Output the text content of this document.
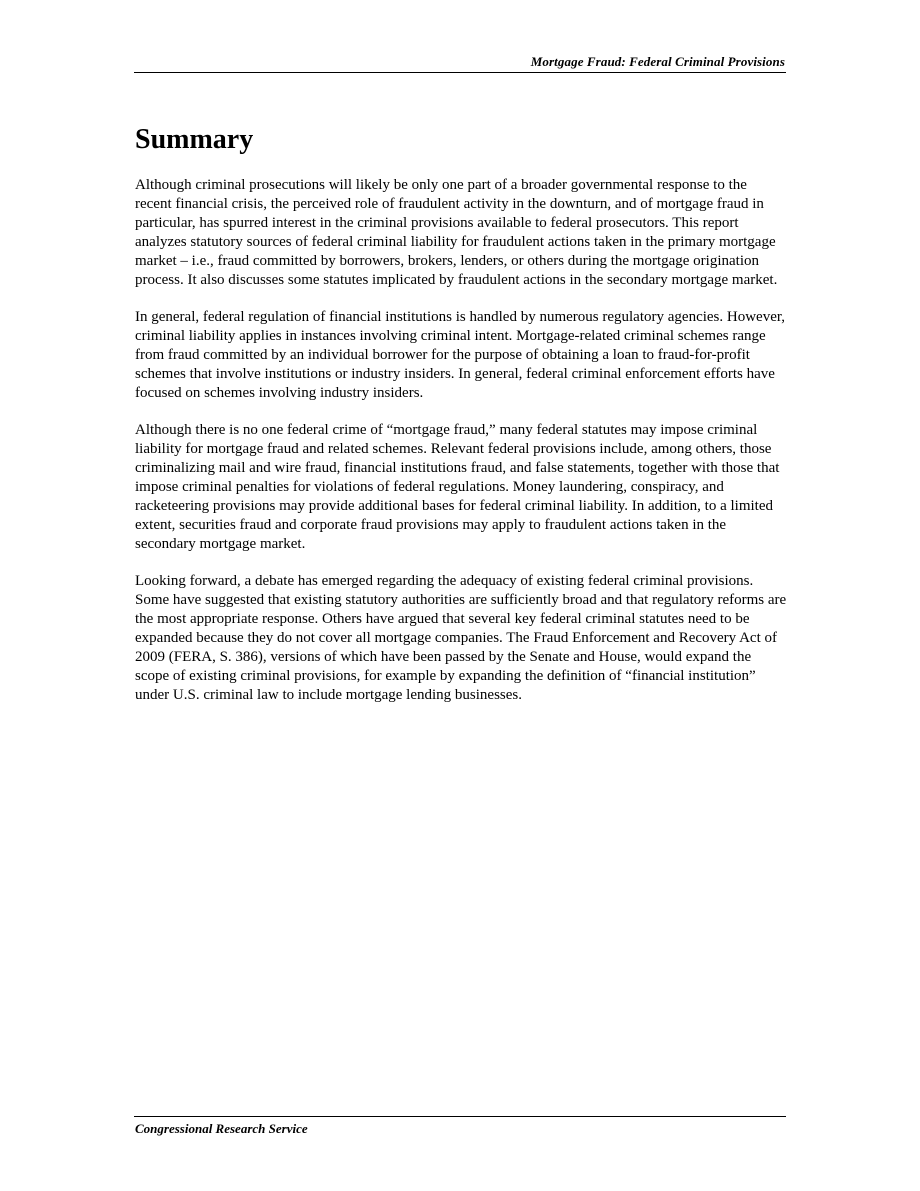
Mortgage Fraud: Federal Criminal Provisions
Summary

Although criminal prosecutions will likely be only one part of a broader governmental response to the recent financial crisis, the perceived role of fraudulent activity in the downturn, and of mortgage fraud in particular, has spurred interest in the criminal provisions available to federal prosecutors. This report analyzes statutory sources of federal criminal liability for fraudulent actions taken in the primary mortgage market – i.e., fraud committed by borrowers, brokers, lenders, or others during the mortgage origination process. It also discusses some statutes implicated by fraudulent actions in the secondary mortgage market.

In general, federal regulation of financial institutions is handled by numerous regulatory agencies. However, criminal liability applies in instances involving criminal intent. Mortgage-related criminal schemes range from fraud committed by an individual borrower for the purpose of obtaining a loan to fraud-for-profit schemes that involve institutions or industry insiders. In general, federal criminal enforcement efforts have focused on schemes involving industry insiders.

Although there is no one federal crime of “mortgage fraud,” many federal statutes may impose criminal liability for mortgage fraud and related schemes. Relevant federal provisions include, among others, those criminalizing mail and wire fraud, financial institutions fraud, and false statements, together with those that impose criminal penalties for violations of federal regulations. Money laundering, conspiracy, and racketeering provisions may provide additional bases for federal criminal liability. In addition, to a limited extent, securities fraud and corporate fraud provisions may apply to fraudulent actions taken in the secondary mortgage market.

Looking forward, a debate has emerged regarding the adequacy of existing federal criminal provisions. Some have suggested that existing statutory authorities are sufficiently broad and that regulatory reforms are the most appropriate response. Others have argued that several key federal criminal statutes need to be expanded because they do not cover all mortgage companies. The Fraud Enforcement and Recovery Act of 2009 (FERA, S. 386), versions of which have been passed by the Senate and House, would expand the scope of existing criminal provisions, for example by expanding the definition of “financial institution” under U.S. criminal law to include mortgage lending businesses.

Congressional Research Service
